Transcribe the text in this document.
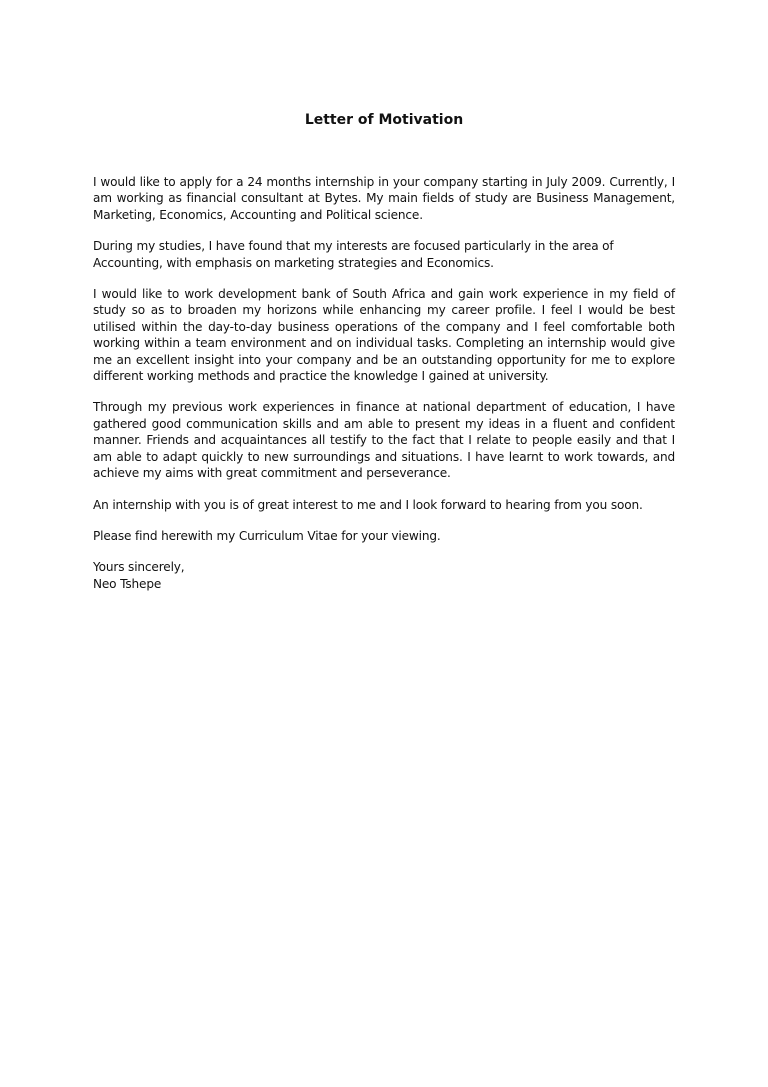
Letter of Motivation

I would like to apply for a 24 months internship in your company starting in July 2009. Currently, I am working as financial consultant at Bytes. My main fields of study are Business Management, Marketing, Economics, Accounting and Political science.

During my studies, I have found that my interests are focused particularly in the area of Accounting, with emphasis on marketing strategies and Economics.

I would like to work development bank of South Africa and gain work experience in my field of study so as to broaden my horizons while enhancing my career profile. I feel I would be best utilised within the day-to-day business operations of the company and I feel comfortable both working within a team environment and on individual tasks. Completing an internship would give me an excellent insight into your company and be an outstanding opportunity for me to explore different working methods and practice the knowledge I gained at university.

Through my previous work experiences in finance at national department of education, I have gathered good communication skills and am able to present my ideas in a fluent and confident manner. Friends and acquaintances all testify to the fact that I relate to people easily and that I am able to adapt quickly to new surroundings and situations. I have learnt to work towards, and achieve my aims with great commitment and perseverance.

An internship with you is of great interest to me and I look forward to hearing from you soon.

Please find herewith my Curriculum Vitae for your viewing.

Yours sincerely,

Neo Tshepe
